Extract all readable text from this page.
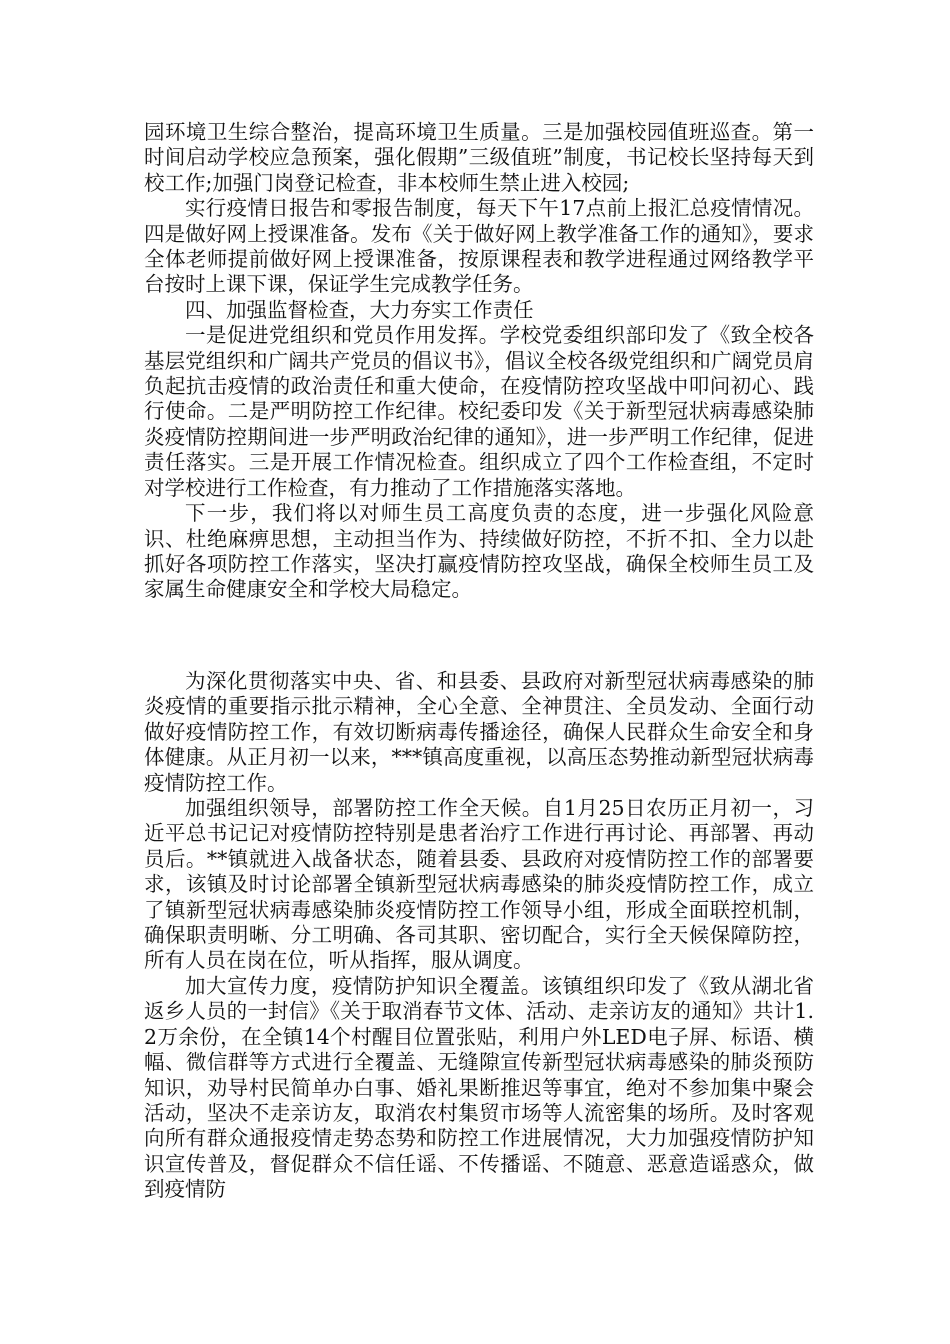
园环境卫生综合整治，提高环境卫生质量。三是加强校园值班巡查。第一时间启动学校应急预案，强化假期”三级值班”制度，书记校长坚持每天到校工作;加强门岗登记检查，非本校师生禁止进入校园;

实行疫情日报告和零报告制度，每天下午17点前上报汇总疫情情况。四是做好网上授课准备。发布《关于做好网上教学准备工作的通知》，要求全体老师提前做好网上授课准备，按原课程表和教学进程通过网络教学平台按时上课下课，保证学生完成教学任务。

四、加强监督检查，大力夯实工作责任

一是促进党组织和党员作用发挥。学校党委组织部印发了《致全校各基层党组织和广阔共产党员的倡议书》，倡议全校各级党组织和广阔党员肩负起抗击疫情的政治责任和重大使命，在疫情防控攻坚战中叩问初心、践行使命。二是严明防控工作纪律。校纪委印发《关于新型冠状病毒感染肺炎疫情防控期间进一步严明政治纪律的通知》，进一步严明工作纪律，促进责任落实。三是开展工作情况检查。组织成立了四个工作检查组，不定时对学校进行工作检查，有力推动了工作措施落实落地。

下一步，我们将以对师生员工高度负责的态度，进一步强化风险意识、杜绝麻痹思想，主动担当作为、持续做好防控，不折不扣、全力以赴抓好各项防控工作落实，坚决打赢疫情防控攻坚战，确保全校师生员工及家属生命健康安全和学校大局稳定。

为深化贯彻落实中央、省、和县委、县政府对新型冠状病毒感染的肺炎疫情的重要指示批示精神，全心全意、全神贯注、全员发动、全面行动做好疫情防控工作，有效切断病毒传播途径，确保人民群众生命安全和身体健康。从正月初一以来，***镇高度重视，以高压态势推动新型冠状病毒疫情防控工作。

加强组织领导，部署防控工作全天候。自1月25日农历正月初一，习近平总书记记对疫情防控特别是患者治疗工作进行再讨论、再部署、再动员后。**镇就进入战备状态，随着县委、县政府对疫情防控工作的部署要求，该镇及时讨论部署全镇新型冠状病毒感染的肺炎疫情防控工作，成立了镇新型冠状病毒感染肺炎疫情防控工作领导小组，形成全面联控机制，确保职责明晰、分工明确、各司其职、密切配合，实行全天候保障防控，所有人员在岗在位，听从指挥，服从调度。

加大宣传力度，疫情防护知识全覆盖。该镇组织印发了《致从湖北省返乡人员的一封信》《关于取消春节文体、活动、走亲访友的通知》共计1.2万余份，在全镇14个村醒目位置张贴，利用户外LED电子屏、标语、横幅、微信群等方式进行全覆盖、无缝隙宣传新型冠状病毒感染的肺炎预防知识，劝导村民简单办白事、婚礼果断推迟等事宜，绝对不参加集中聚会活动，坚决不走亲访友，取消农村集贸市场等人流密集的场所。及时客观向所有群众通报疫情走势态势和防控工作进展情况，大力加强疫情防护知识宣传普及，督促群众不信任谣、不传播谣、不随意、恶意造谣惑众，做到疫情防
